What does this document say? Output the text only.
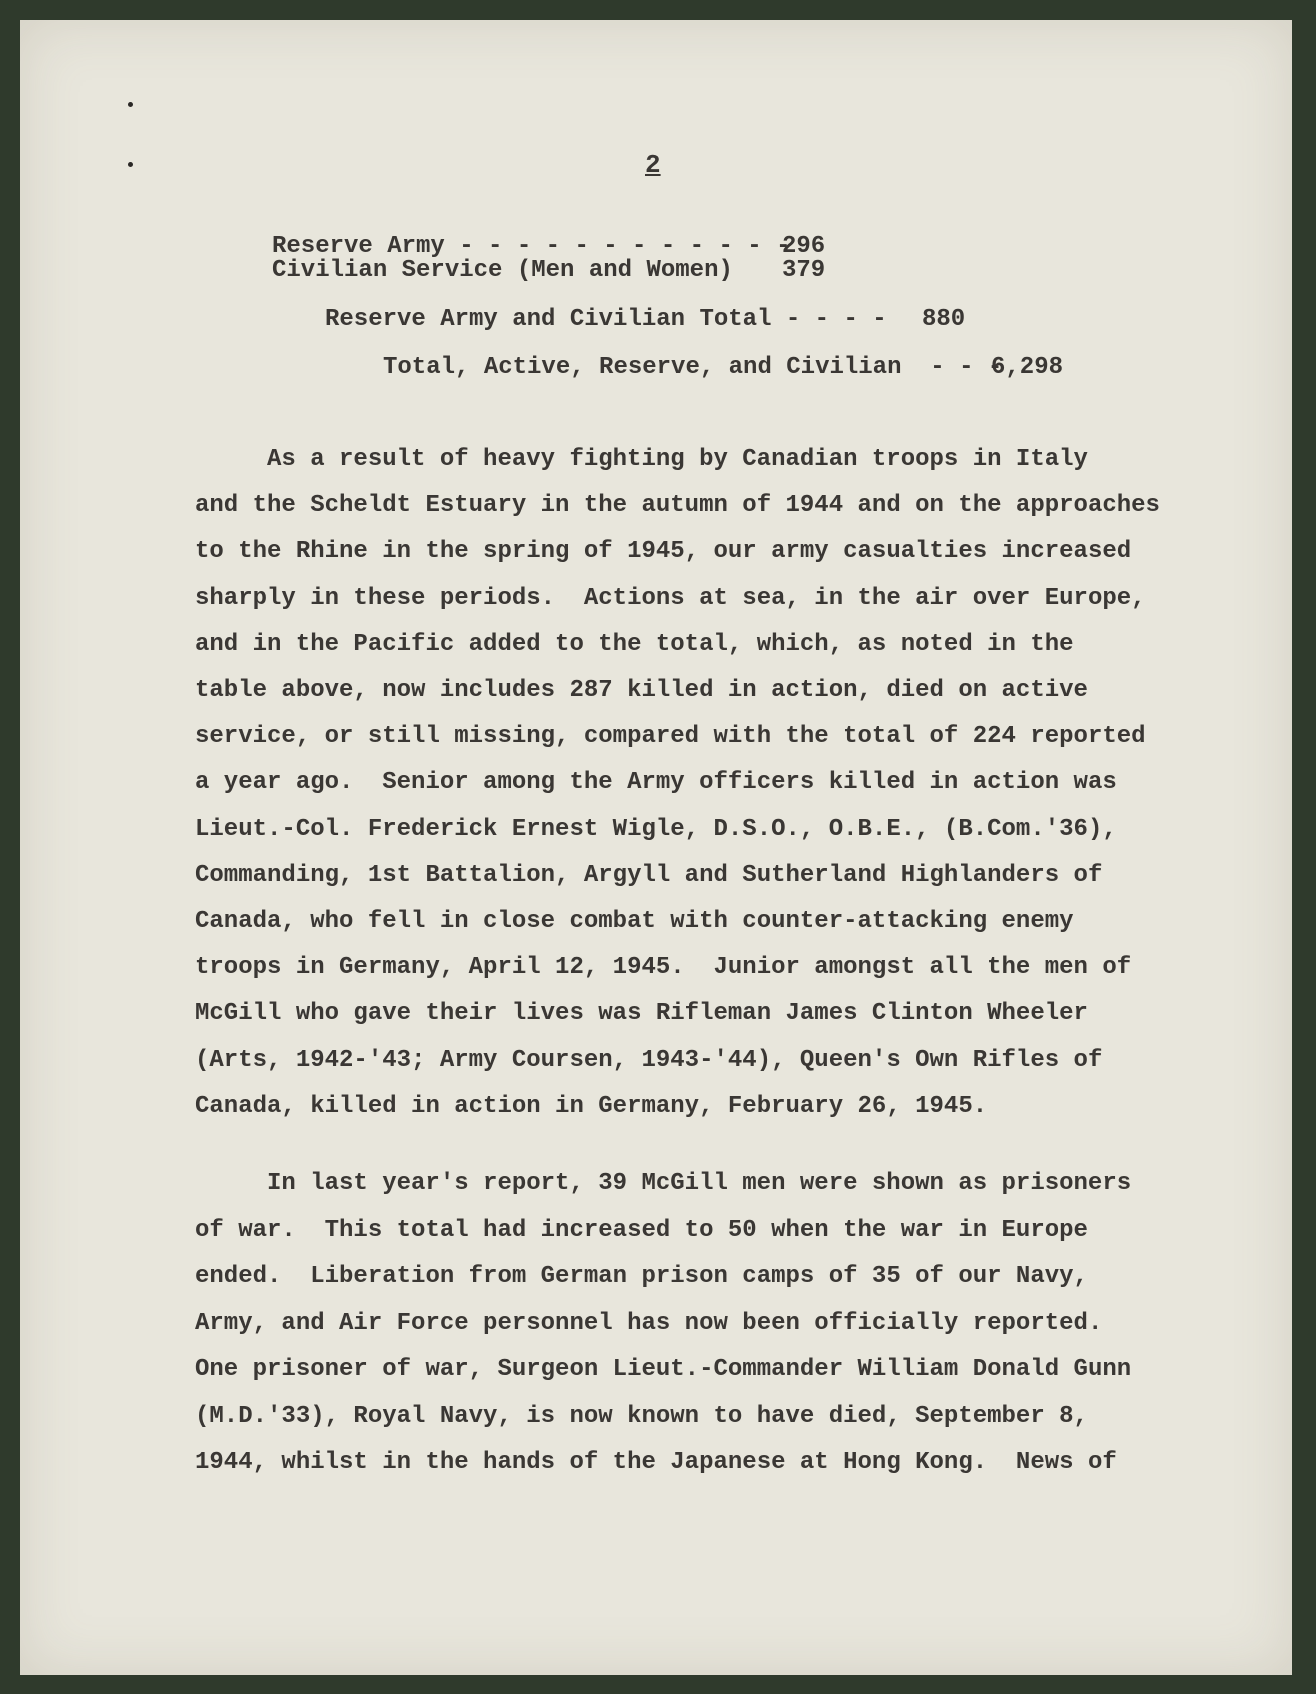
2

Reserve Army - - - - - - - - - - - -

296

Civilian Service (Men and Women)

379

Reserve Army and Civilian Total - - - -

880

Total, Active, Reserve, and Civilian  - - -

6,298

As a result of heavy fighting by Canadian troops in Italy
and the Scheldt Estuary in the autumn of 1944 and on the approaches
to the Rhine in the spring of 1945, our army casualties increased
sharply in these periods.  Actions at sea, in the air over Europe,
and in the Pacific added to the total, which, as noted in the
table above, now includes 287 killed in action, died on active
service, or still missing, compared with the total of 224 reported
a year ago.  Senior among the Army officers killed in action was
Lieut.-Col. Frederick Ernest Wigle, D.S.O., O.B.E., (B.Com.'36),
Commanding, 1st Battalion, Argyll and Sutherland Highlanders of
Canada, who fell in close combat with counter-attacking enemy
troops in Germany, April 12, 1945.  Junior amongst all the men of
McGill who gave their lives was Rifleman James Clinton Wheeler
(Arts, 1942-'43; Army Coursen, 1943-'44), Queen's Own Rifles of
Canada, killed in action in Germany, February 26, 1945.
In last year's report, 39 McGill men were shown as prisoners
of war.  This total had increased to 50 when the war in Europe
ended.  Liberation from German prison camps of 35 of our Navy,
Army, and Air Force personnel has now been officially reported.
One prisoner of war, Surgeon Lieut.-Commander William Donald Gunn
(M.D.'33), Royal Navy, is now known to have died, September 8,
1944, whilst in the hands of the Japanese at Hong Kong.  News of
